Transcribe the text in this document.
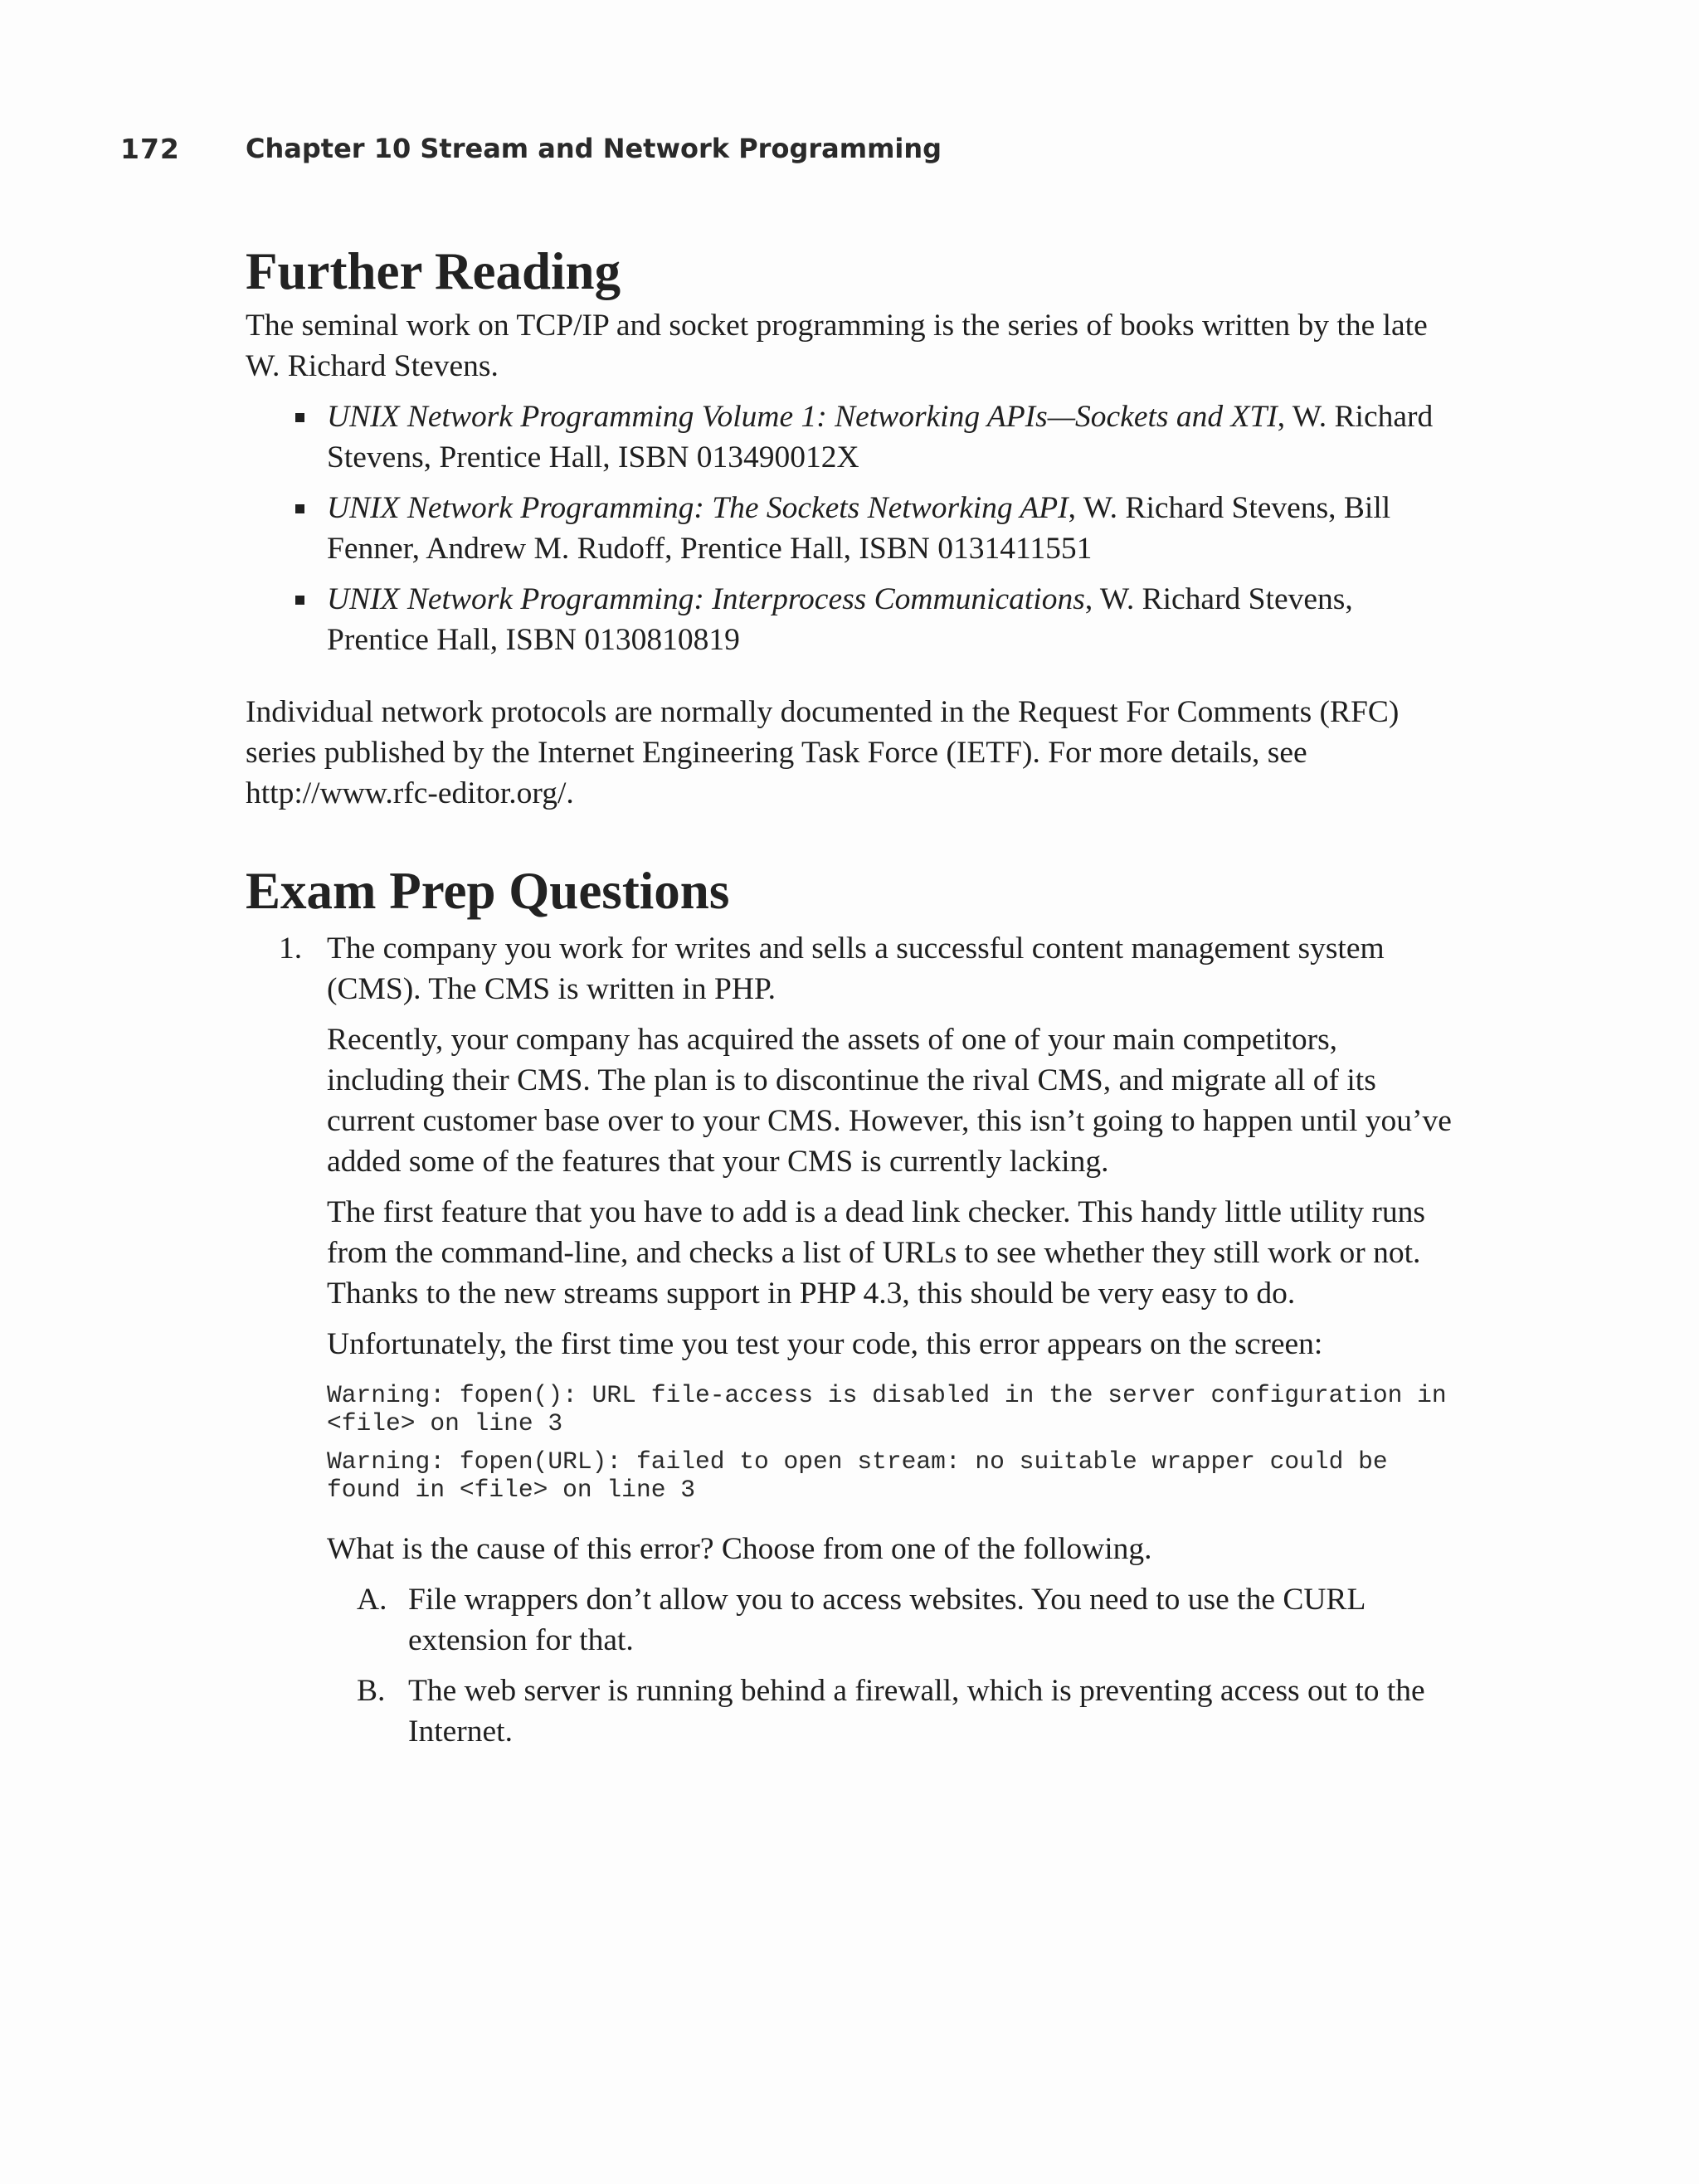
172 Chapter 10 Stream and Network Programming
Further Reading

The seminal work on TCP/IP and socket programming is the series of books written by the late W. Richard Stevens.

UNIX Network Programming Volume 1: Networking APIs—Sockets and XTI, W. Richard Stevens, Prentice Hall, ISBN 013490012X
UNIX Network Programming: The Sockets Networking API, W. Richard Stevens, Bill Fenner, Andrew M. Rudoff, Prentice Hall, ISBN 0131411551
UNIX Network Programming: Interprocess Communications, W. Richard Stevens, Prentice Hall, ISBN 0130810819

Individual network protocols are normally documented in the Request For Comments (RFC) series published by the Internet Engineering Task Force (IETF). For more details, see http://www.rfc-editor.org/.

Exam Prep Questions
1. The company you work for writes and sells a successful content management system (CMS). The CMS is written in PHP.

Recently, your company has acquired the assets of one of your main competitors, including their CMS. The plan is to discontinue the rival CMS, and migrate all of its current customer base over to your CMS. However, this isn’t going to happen until you’ve added some of the features that your CMS is currently lacking.

The first feature that you have to add is a dead link checker. This handy little utility runs from the command-line, and checks a list of URLs to see whether they still work or not. Thanks to the new streams support in PHP 4.3, this should be very easy to do.

Unfortunately, the first time you test your code, this error appears on the screen:

Warning: fopen(): URL file-access is disabled in the server configuration in <file> on line 3
Warning: fopen(URL): failed to open stream: no suitable wrapper could be found in <file> on line 3

What is the cause of this error? Choose from one of the following.

A. File wrappers don’t allow you to access websites. You need to use the CURL extension for that.
B. The web server is running behind a firewall, which is preventing access out to the Internet.
